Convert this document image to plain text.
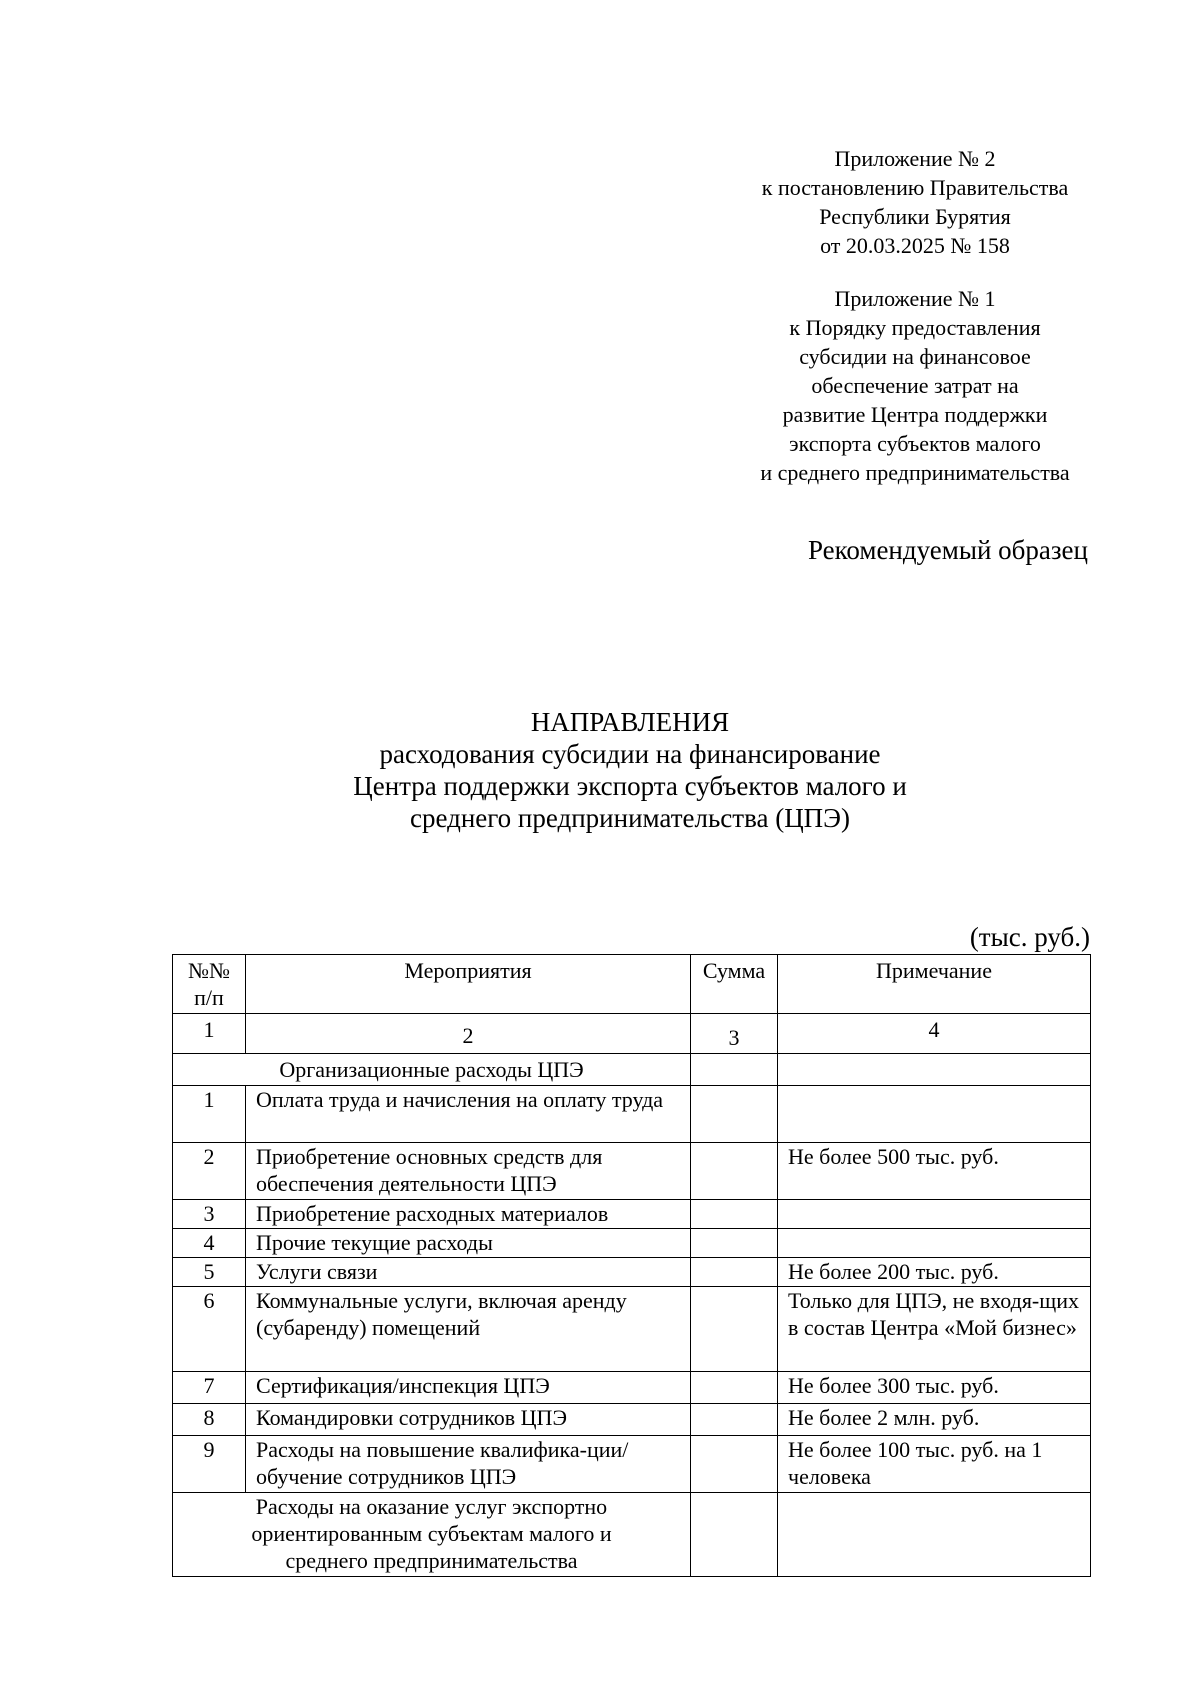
Приложение № 2
к постановлению Правительства
Республики Бурятия
от 20.03.2025 № 158
Приложение № 1
к Порядку предоставления
субсидии на финансовое
обеспечение затрат на
развитие Центра поддержки
экспорта субъектов малого
и среднего предпринимательства
Рекомендуемый образец
НАПРАВЛЕНИЯ
расходования субсидии на финансирование
Центра поддержки экспорта субъектов малого и
среднего предпринимательства (ЦПЭ)
(тыс. руб.)
№№ п/п	Мероприятия	Сумма	Примечание
1	2	3	4
Организационные расходы ЦПЭ			
1	Оплата труда и начисления на оплату труда		
2	Приобретение основных средств для обеспечения деятельности ЦПЭ		Не более 500 тыс. руб.
3	Приобретение расходных материалов		
4	Прочие текущие расходы		
5	Услуги связи		Не более 200 тыс. руб.
6	Коммунальные услуги, включая аренду (субаренду) помещений		Только для ЦПЭ, не входя-щих в состав Центра «Мой бизнес»
7	Сертификация/инспекция ЦПЭ		Не более 300 тыс. руб.
8	Командировки сотрудников ЦПЭ		Не более 2 млн. руб.
9	Расходы на повышение квалифика-ции/обучение сотрудников ЦПЭ		Не более 100 тыс. руб. на 1 человека
Расходы на оказание услуг экспортно ориентированным субъектам малого и среднего предпринимательства			
